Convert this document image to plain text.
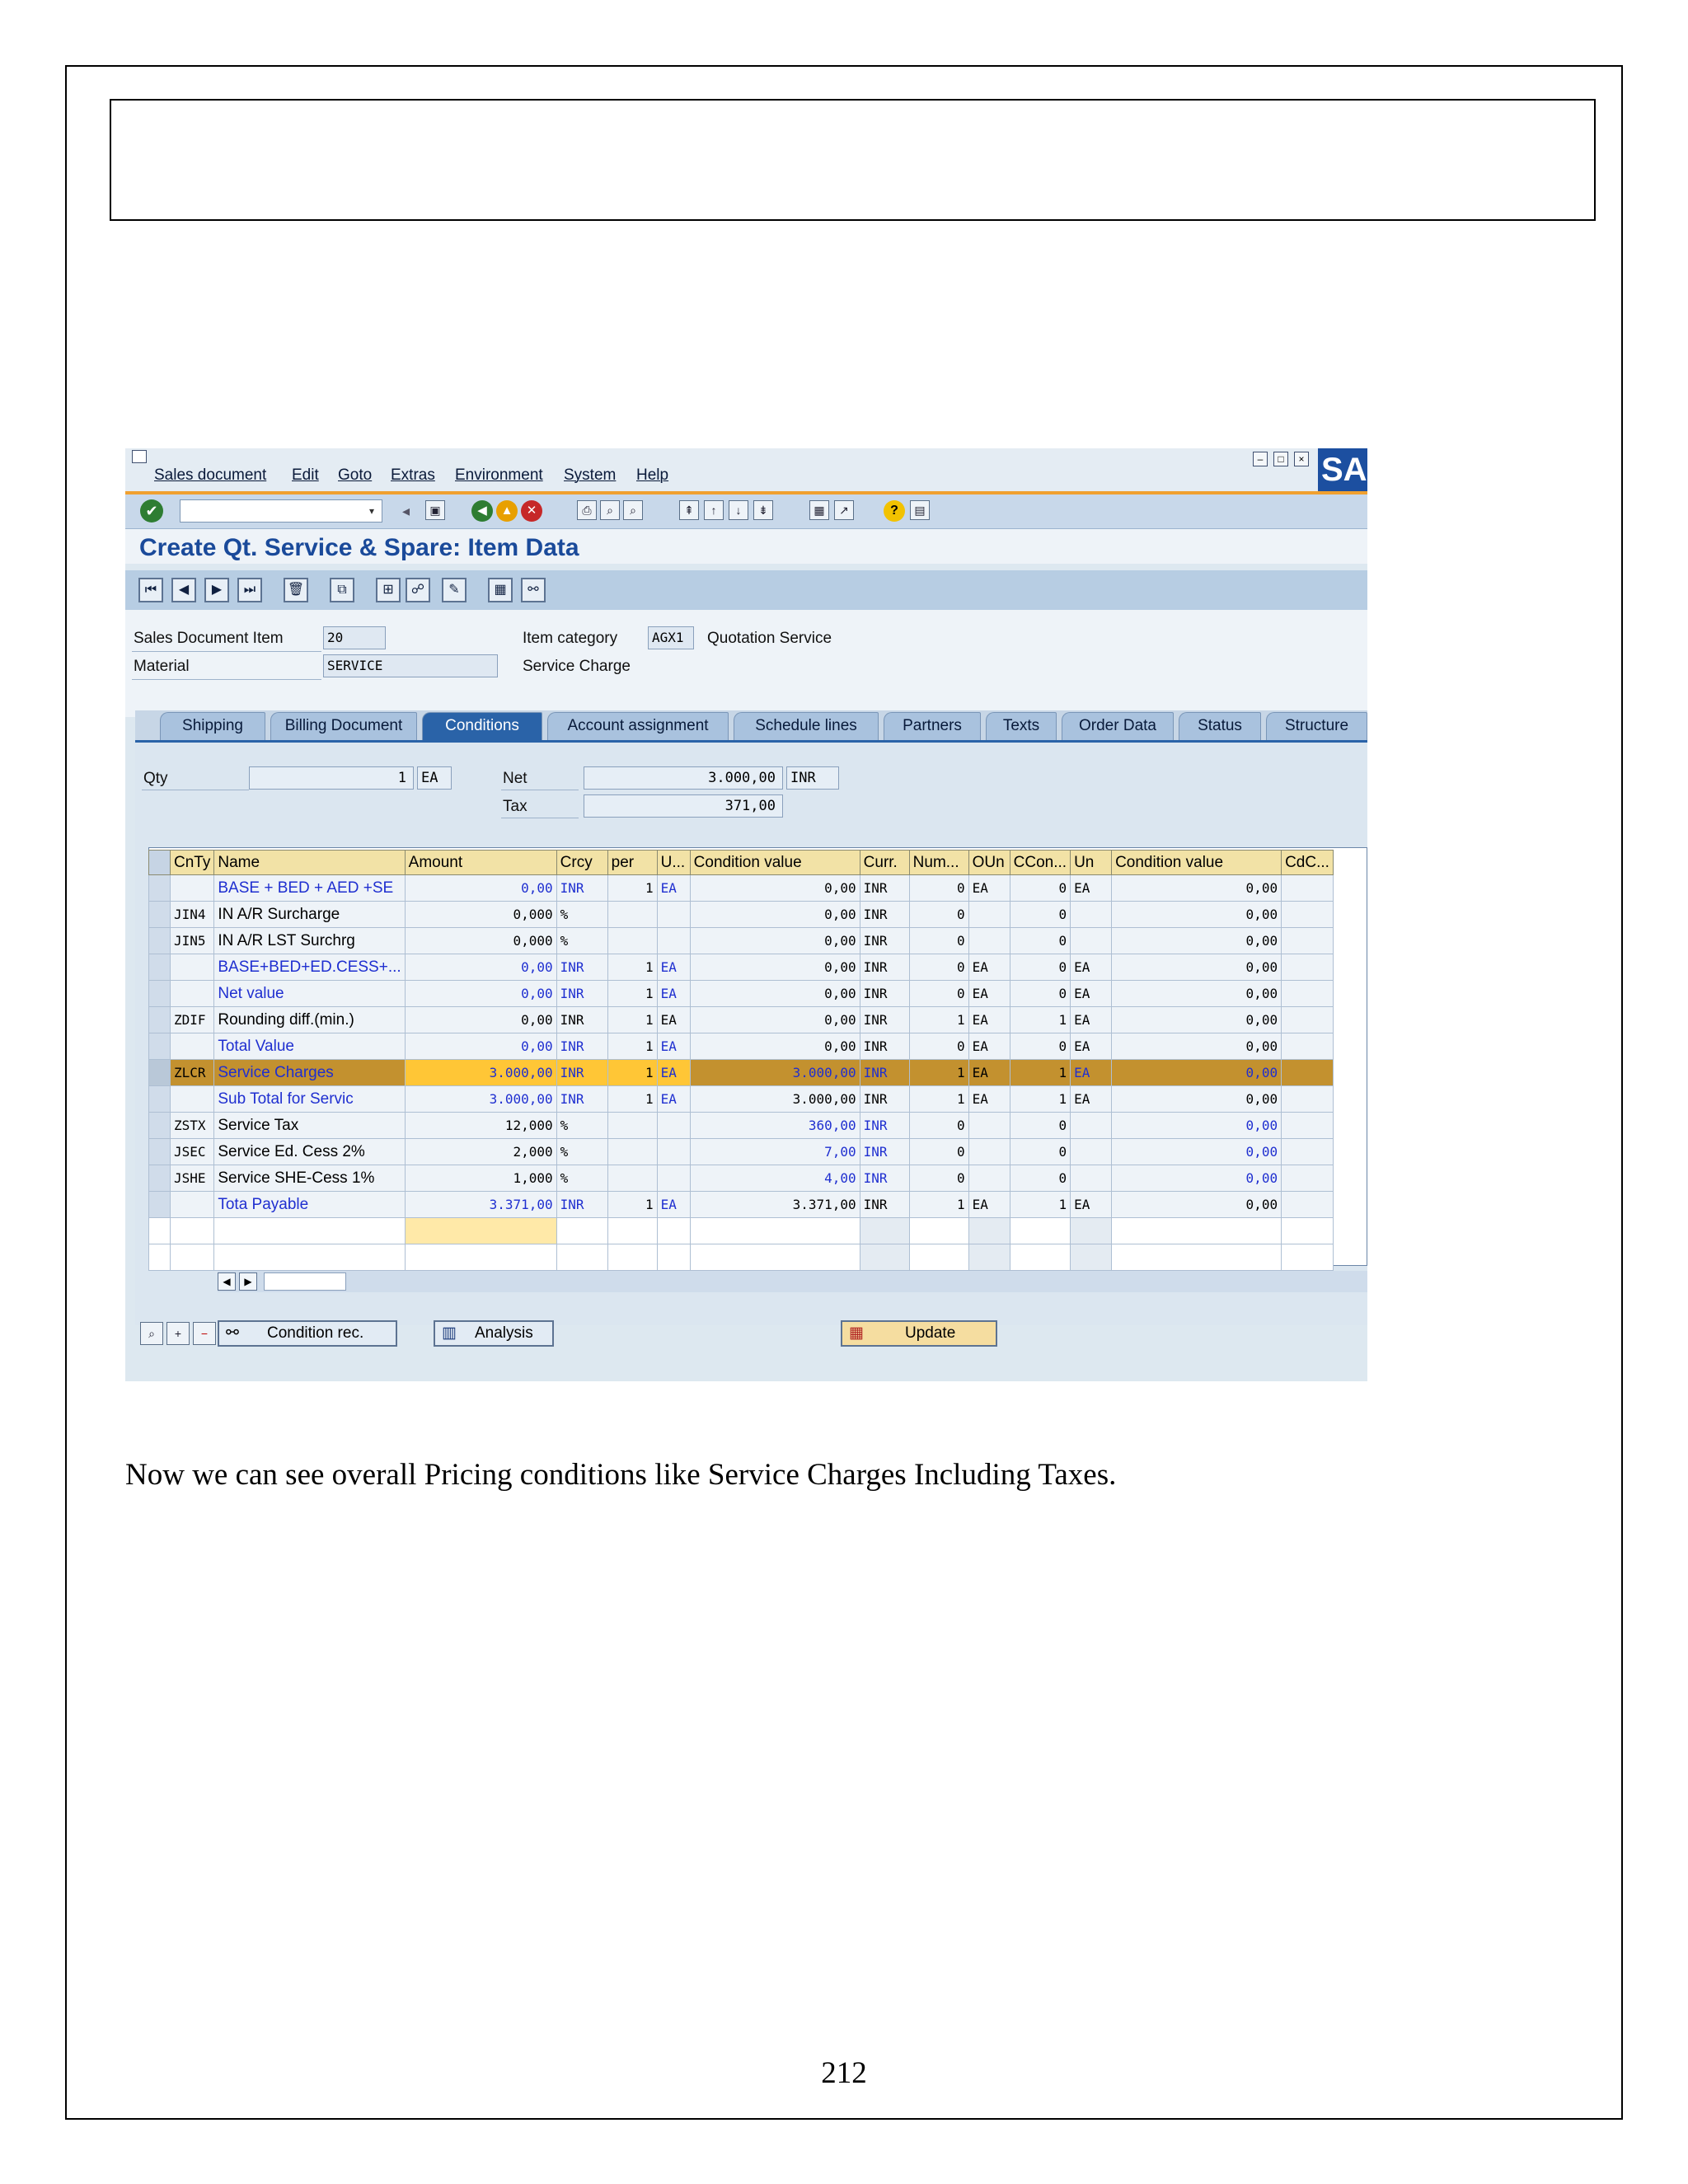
Sales document Edit Goto Extras Environment System Help
–	□	× SAP
✔	▾	◂	▣	◀	▲	✕	⎙	⌕	⌕	⇞	↑	↓	⇟	▦	↗	?	▤
Create Qt. Service & Spare: Item Data
⏮	◀	▶	⏭	🗑	⧉	⊞	☍	✎	▦	⚯
Sales Document Item	20
Material	SERVICE
Item category	AGX1	Quotation Service
Service Charge
Shipping	Billing Document	Conditions	Account assignment	Schedule lines	Partners	Texts	Order Data	Status	Structure
Qty	1	EA	Net	3.000,00	INR
Tax	371,00
	CnTy	Name	Amount	Crcy	per	U...	Condition value	Curr.	Num...	OUn	CCon...	Un	Condition value	CdC...
		BASE + BED + AED +SE	0,00	INR	1	EA	0,00	INR	0	EA	0	EA	0,00	
	JIN4	IN A/R Surcharge	0,000	%			0,00	INR	0		0		0,00	
	JIN5	IN A/R LST Surchrg	0,000	%			0,00	INR	0		0		0,00	
		BASE+BED+ED.CESS+...	0,00	INR	1	EA	0,00	INR	0	EA	0	EA	0,00	
		Net value	0,00	INR	1	EA	0,00	INR	0	EA	0	EA	0,00	
	ZDIF	Rounding diff.(min.)	0,00	INR	1	EA	0,00	INR	1	EA	1	EA	0,00	
		Total Value	0,00	INR	1	EA	0,00	INR	0	EA	0	EA	0,00	
	ZLCR	Service Charges	3.000,00	INR	1	EA	3.000,00	INR	1	EA	1	EA	0,00	
		Sub Total for Servic	3.000,00	INR	1	EA	3.000,00	INR	1	EA	1	EA	0,00	
	ZSTX	Service Tax	12,000	%			360,00	INR	0		0		0,00	
	JSEC	Service Ed. Cess 2%	2,000	%			7,00	INR	0		0		0,00	
	JSHE	Service SHE-Cess 1%	1,000	%			4,00	INR	0		0		0,00	
		Tota Payable	3.371,00	INR	1	EA	3.371,00	INR	1	EA	1	EA	0,00	

◀	▶
⌕	+	−	⚯ Condition rec.	▥ Analysis	▦	Update
Now we can see overall Pricing conditions like Service Charges Including Taxes.
212
